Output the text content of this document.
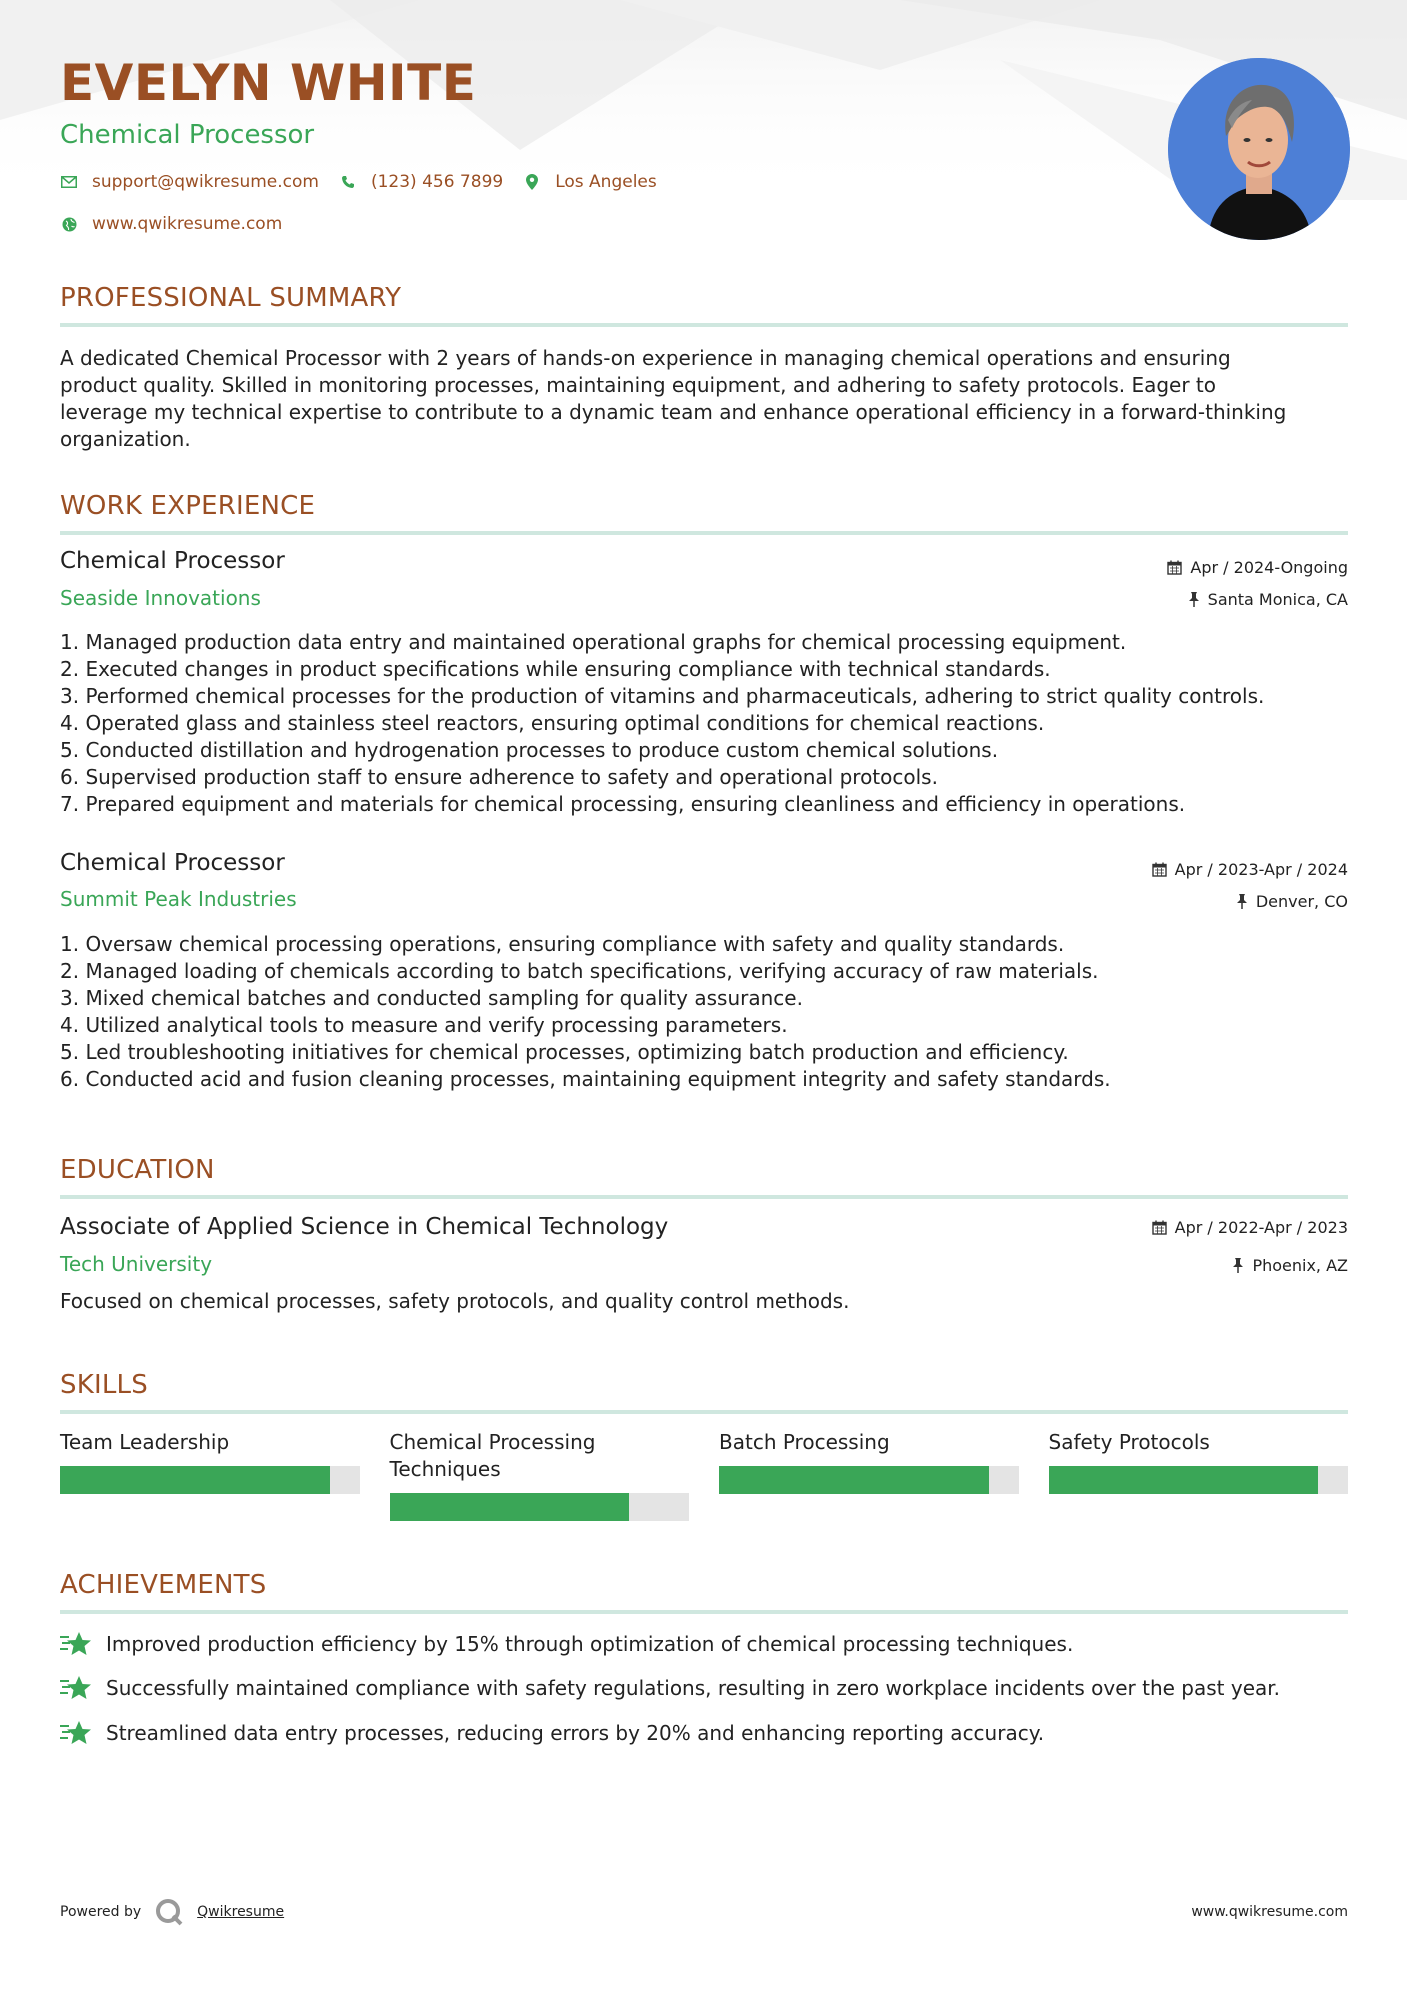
EVELYN WHITE
Chemical Processor
support@qwikresume.com	(123) 456 7899	Los Angeles
www.qwikresume.com
PROFESSIONAL SUMMARY

A dedicated Chemical Processor with 2 years of hands-on experience in managing chemical operations and ensuring

product quality. Skilled in monitoring processes, maintaining equipment, and adhering to safety protocols. Eager to

leverage my technical expertise to contribute to a dynamic team and enhance operational efficiency in a forward-thinking

organization.

WORK EXPERIENCE
Chemical Processor	Apr / 2024-Ongoing
Seaside Innovations	Santa Monica, CA
1. Managed production data entry and maintained operational graphs for chemical processing equipment.
2. Executed changes in product specifications while ensuring compliance with technical standards.
3. Performed chemical processes for the production of vitamins and pharmaceuticals, adhering to strict quality controls.
4. Operated glass and stainless steel reactors, ensuring optimal conditions for chemical reactions.
5. Conducted distillation and hydrogenation processes to produce custom chemical solutions.
6. Supervised production staff to ensure adherence to safety and operational protocols.
7. Prepared equipment and materials for chemical processing, ensuring cleanliness and efficiency in operations.
Chemical Processor	Apr / 2023-Apr / 2024
Summit Peak Industries	Denver, CO
1. Oversaw chemical processing operations, ensuring compliance with safety and quality standards.
2. Managed loading of chemicals according to batch specifications, verifying accuracy of raw materials.
3. Mixed chemical batches and conducted sampling for quality assurance.
4. Utilized analytical tools to measure and verify processing parameters.
5. Led troubleshooting initiatives for chemical processes, optimizing batch production and efficiency.
6. Conducted acid and fusion cleaning processes, maintaining equipment integrity and safety standards.
EDUCATION
Associate of Applied Science in Chemical Technology	Apr / 2022-Apr / 2023
Tech University	Phoenix, AZ
Focused on chemical processes, safety protocols, and quality control methods.
SKILLS
Team Leadership	Chemical Processing Techniques
Batch Processing	Safety Protocols
ACHIEVEMENTS
Improved production efficiency by 15% through optimization of chemical processing techniques.
Successfully maintained compliance with safety regulations, resulting in zero workplace incidents over the past year.
Streamlined data entry processes, reducing errors by 20% and enhancing reporting accuracy.
Powered by	Qwikresume	www.qwikresume.com
